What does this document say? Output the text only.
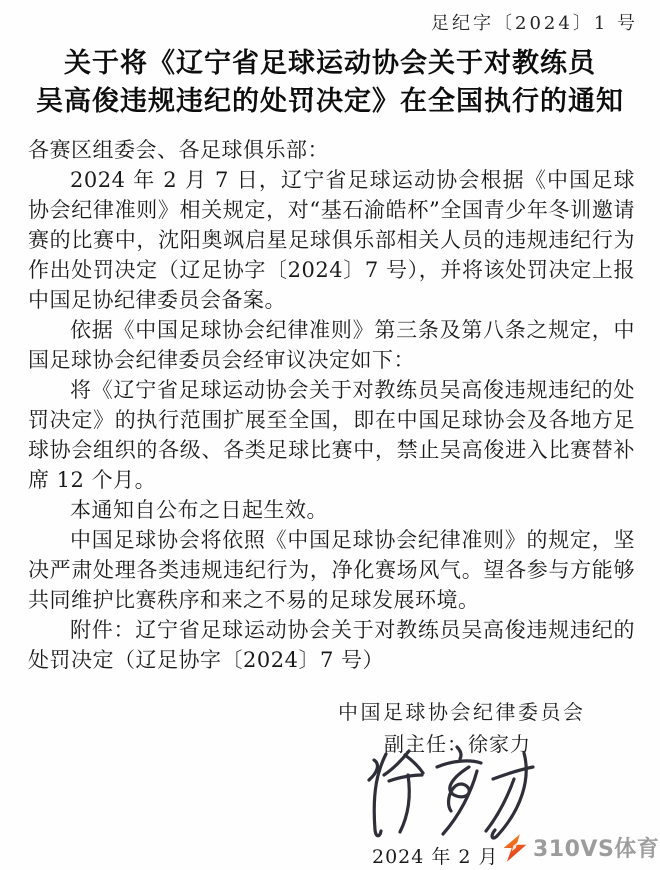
足纪字〔2024〕1 号
关于将《辽宁省足球运动协会关于对教练员
吴高俊违规违纪的处罚决定》在全国执行的通知

各赛区组委会、各足球俱乐部：

2024 年 2 月 7 日，辽宁省足球运动协会根据《中国足球协会纪律准则》相关规定，对“基石渝皓杯”全国青少年冬训邀请赛的比赛中，沈阳奥飒启星足球俱乐部相关人员的违规违纪行为作出处罚决定（辽足协字〔2024〕7 号），并将该处罚决定上报中国足协纪律委员会备案。

依据《中国足球协会纪律准则》第三条及第八条之规定，中国足球协会纪律委员会经审议决定如下：

将《辽宁省足球运动协会关于对教练员吴高俊违规违纪的处罚决定》的执行范围扩展至全国，即在中国足球协会及各地方足球协会组织的各级、各类足球比赛中，禁止吴高俊进入比赛替补席 12 个月。

本通知自公布之日起生效。

中国足球协会将依照《中国足球协会纪律准则》的规定，坚决严肃处理各类违规违纪行为，净化赛场风气。望各参与方能够共同维护比赛秩序和来之不易的足球发展环境。

附件：辽宁省足球运动协会关于对教练员吴高俊违规违纪的处罚决定（辽足协字〔2024〕7 号）

中国足球协会纪律委员会
副主任：徐家力
2024 年 2 月 310VS体育
